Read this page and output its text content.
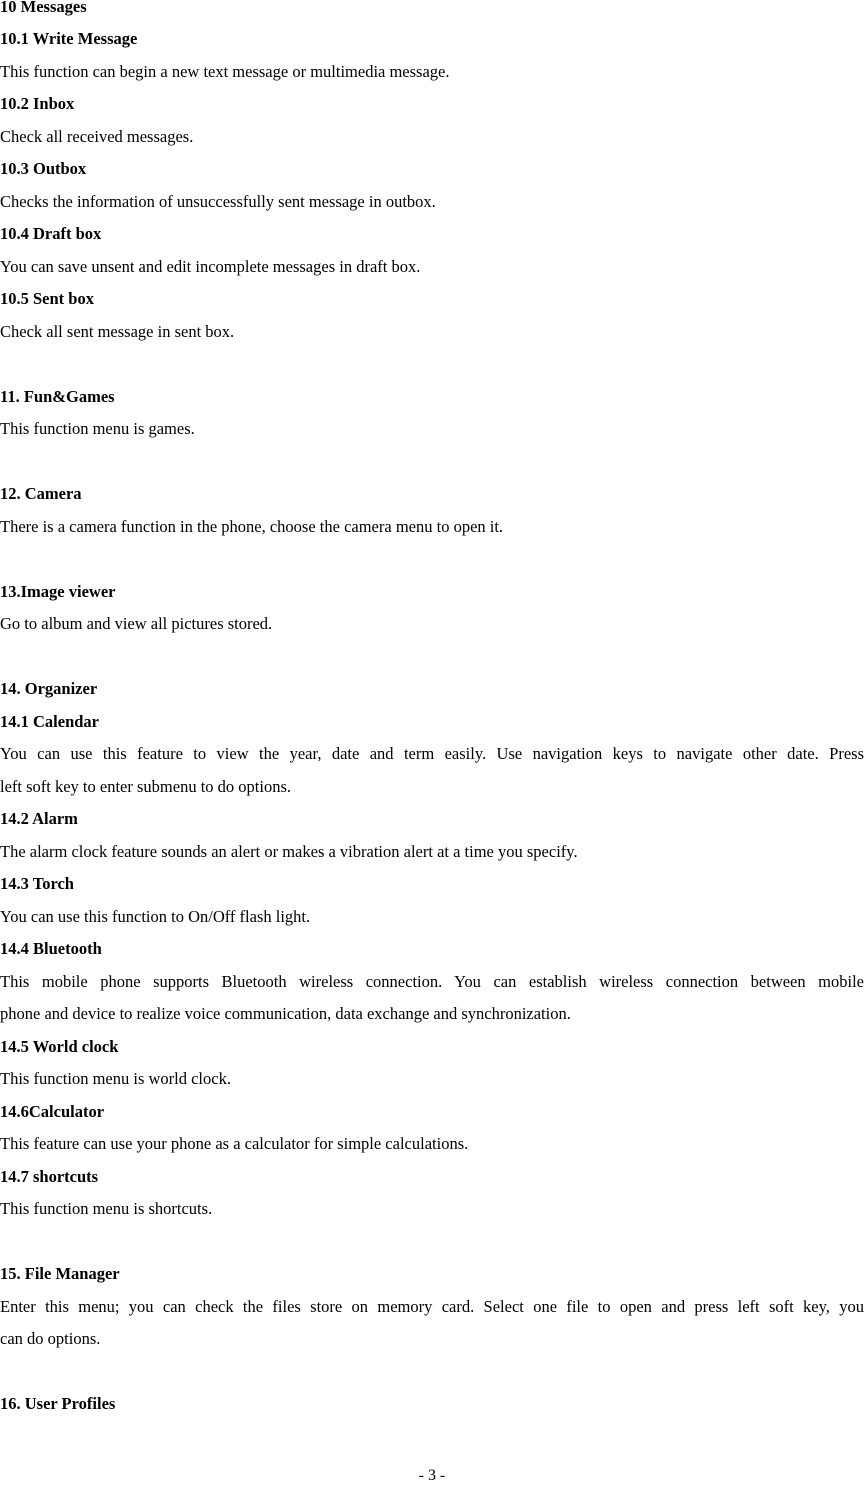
10 Messages
10.1 Write Message
This function can begin a new text message or multimedia message.
10.2 Inbox
Check all received messages.
10.3 Outbox
Checks the information of unsuccessfully sent message in outbox.
10.4 Draft box
You can save unsent and edit incomplete messages in draft box.
10.5 Sent box
Check all sent message in sent box.
11. Fun&Games
This function menu is games.
12. Camera
There is a camera function in the phone, choose the camera menu to open it.
13.Image viewer
Go to album and view all pictures stored.
14. Organizer
14.1 Calendar
You can use this feature to view the year, date and term easily. Use navigation keys to navigate other date. Press
left soft key to enter submenu to do options.
14.2 Alarm
The alarm clock feature sounds an alert or makes a vibration alert at a time you specify.
14.3 Torch
You can use this function to On/Off flash light.
14.4 Bluetooth
This mobile phone supports Bluetooth wireless connection. You can establish wireless connection between mobile
phone and device to realize voice communication, data exchange and synchronization.
14.5 World clock
This function menu is world clock.
14.6Calculator
This feature can use your phone as a calculator for simple calculations.
14.7 shortcuts
This function menu is shortcuts.
15. File Manager
Enter this menu; you can check the files store on memory card. Select one file to open and press left soft key, you
can do options.
16. User Profiles
- 3 -
